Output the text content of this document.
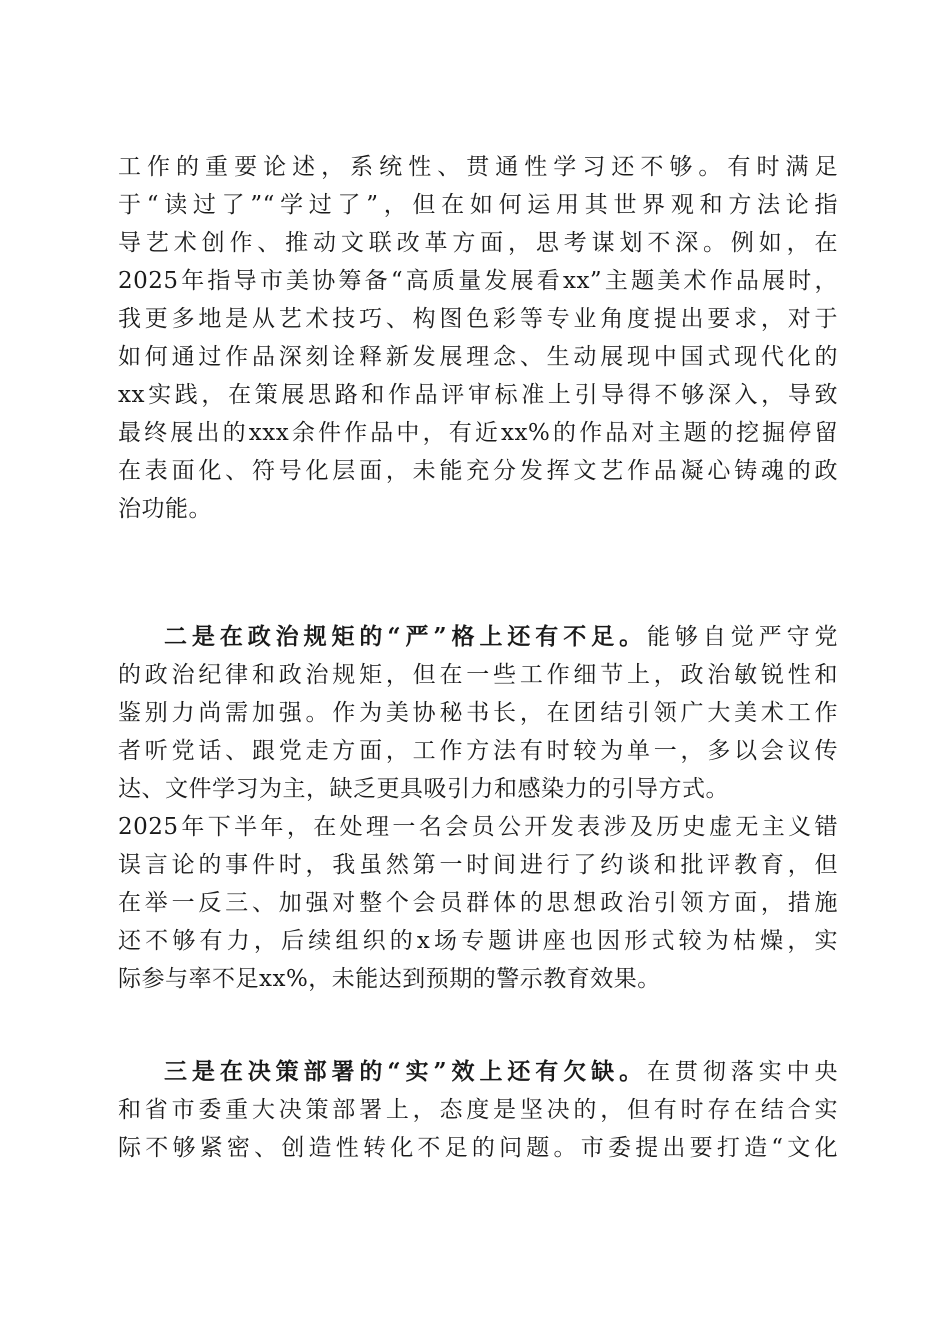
工作的重要论述，系统性、贯通性学习还不够。有时满足
于“读过了”“学过了”，但在如何运用其世界观和方法论指
导艺术创作、推动文联改革方面，思考谋划不深。例如，在
2025年指导市美协筹备“高质量发展看xx”主题美术作品展时，
我更多地是从艺术技巧、构图色彩等专业角度提出要求，对于
如何通过作品深刻诠释新发展理念、生动展现中国式现代化的
xx实践，在策展思路和作品评审标准上引导得不够深入，导致
最终展出的xxx余件作品中，有近xx%的作品对主题的挖掘停留
在表面化、符号化层面，未能充分发挥文艺作品凝心铸魂的政
治功能。
二是在政治规矩的“严”格上还有不足。能够自觉严守党
的政治纪律和政治规矩，但在一些工作细节上，政治敏锐性和
鉴别力尚需加强。作为美协秘书长，在团结引领广大美术工作
者听党话、跟党走方面，工作方法有时较为单一，多以会议传
达、文件学习为主，缺乏更具吸引力和感染力的引导方式。
2025年下半年，在处理一名会员公开发表涉及历史虚无主义错
误言论的事件时，我虽然第一时间进行了约谈和批评教育，但
在举一反三、加强对整个会员群体的思想政治引领方面，措施
还不够有力，后续组织的x场专题讲座也因形式较为枯燥，实
际参与率不足xx%，未能达到预期的警示教育效果。
三是在决策部署的“实”效上还有欠缺。在贯彻落实中央
和省市委重大决策部署上，态度是坚决的，但有时存在结合实
际不够紧密、创造性转化不足的问题。市委提出要打造“文化
